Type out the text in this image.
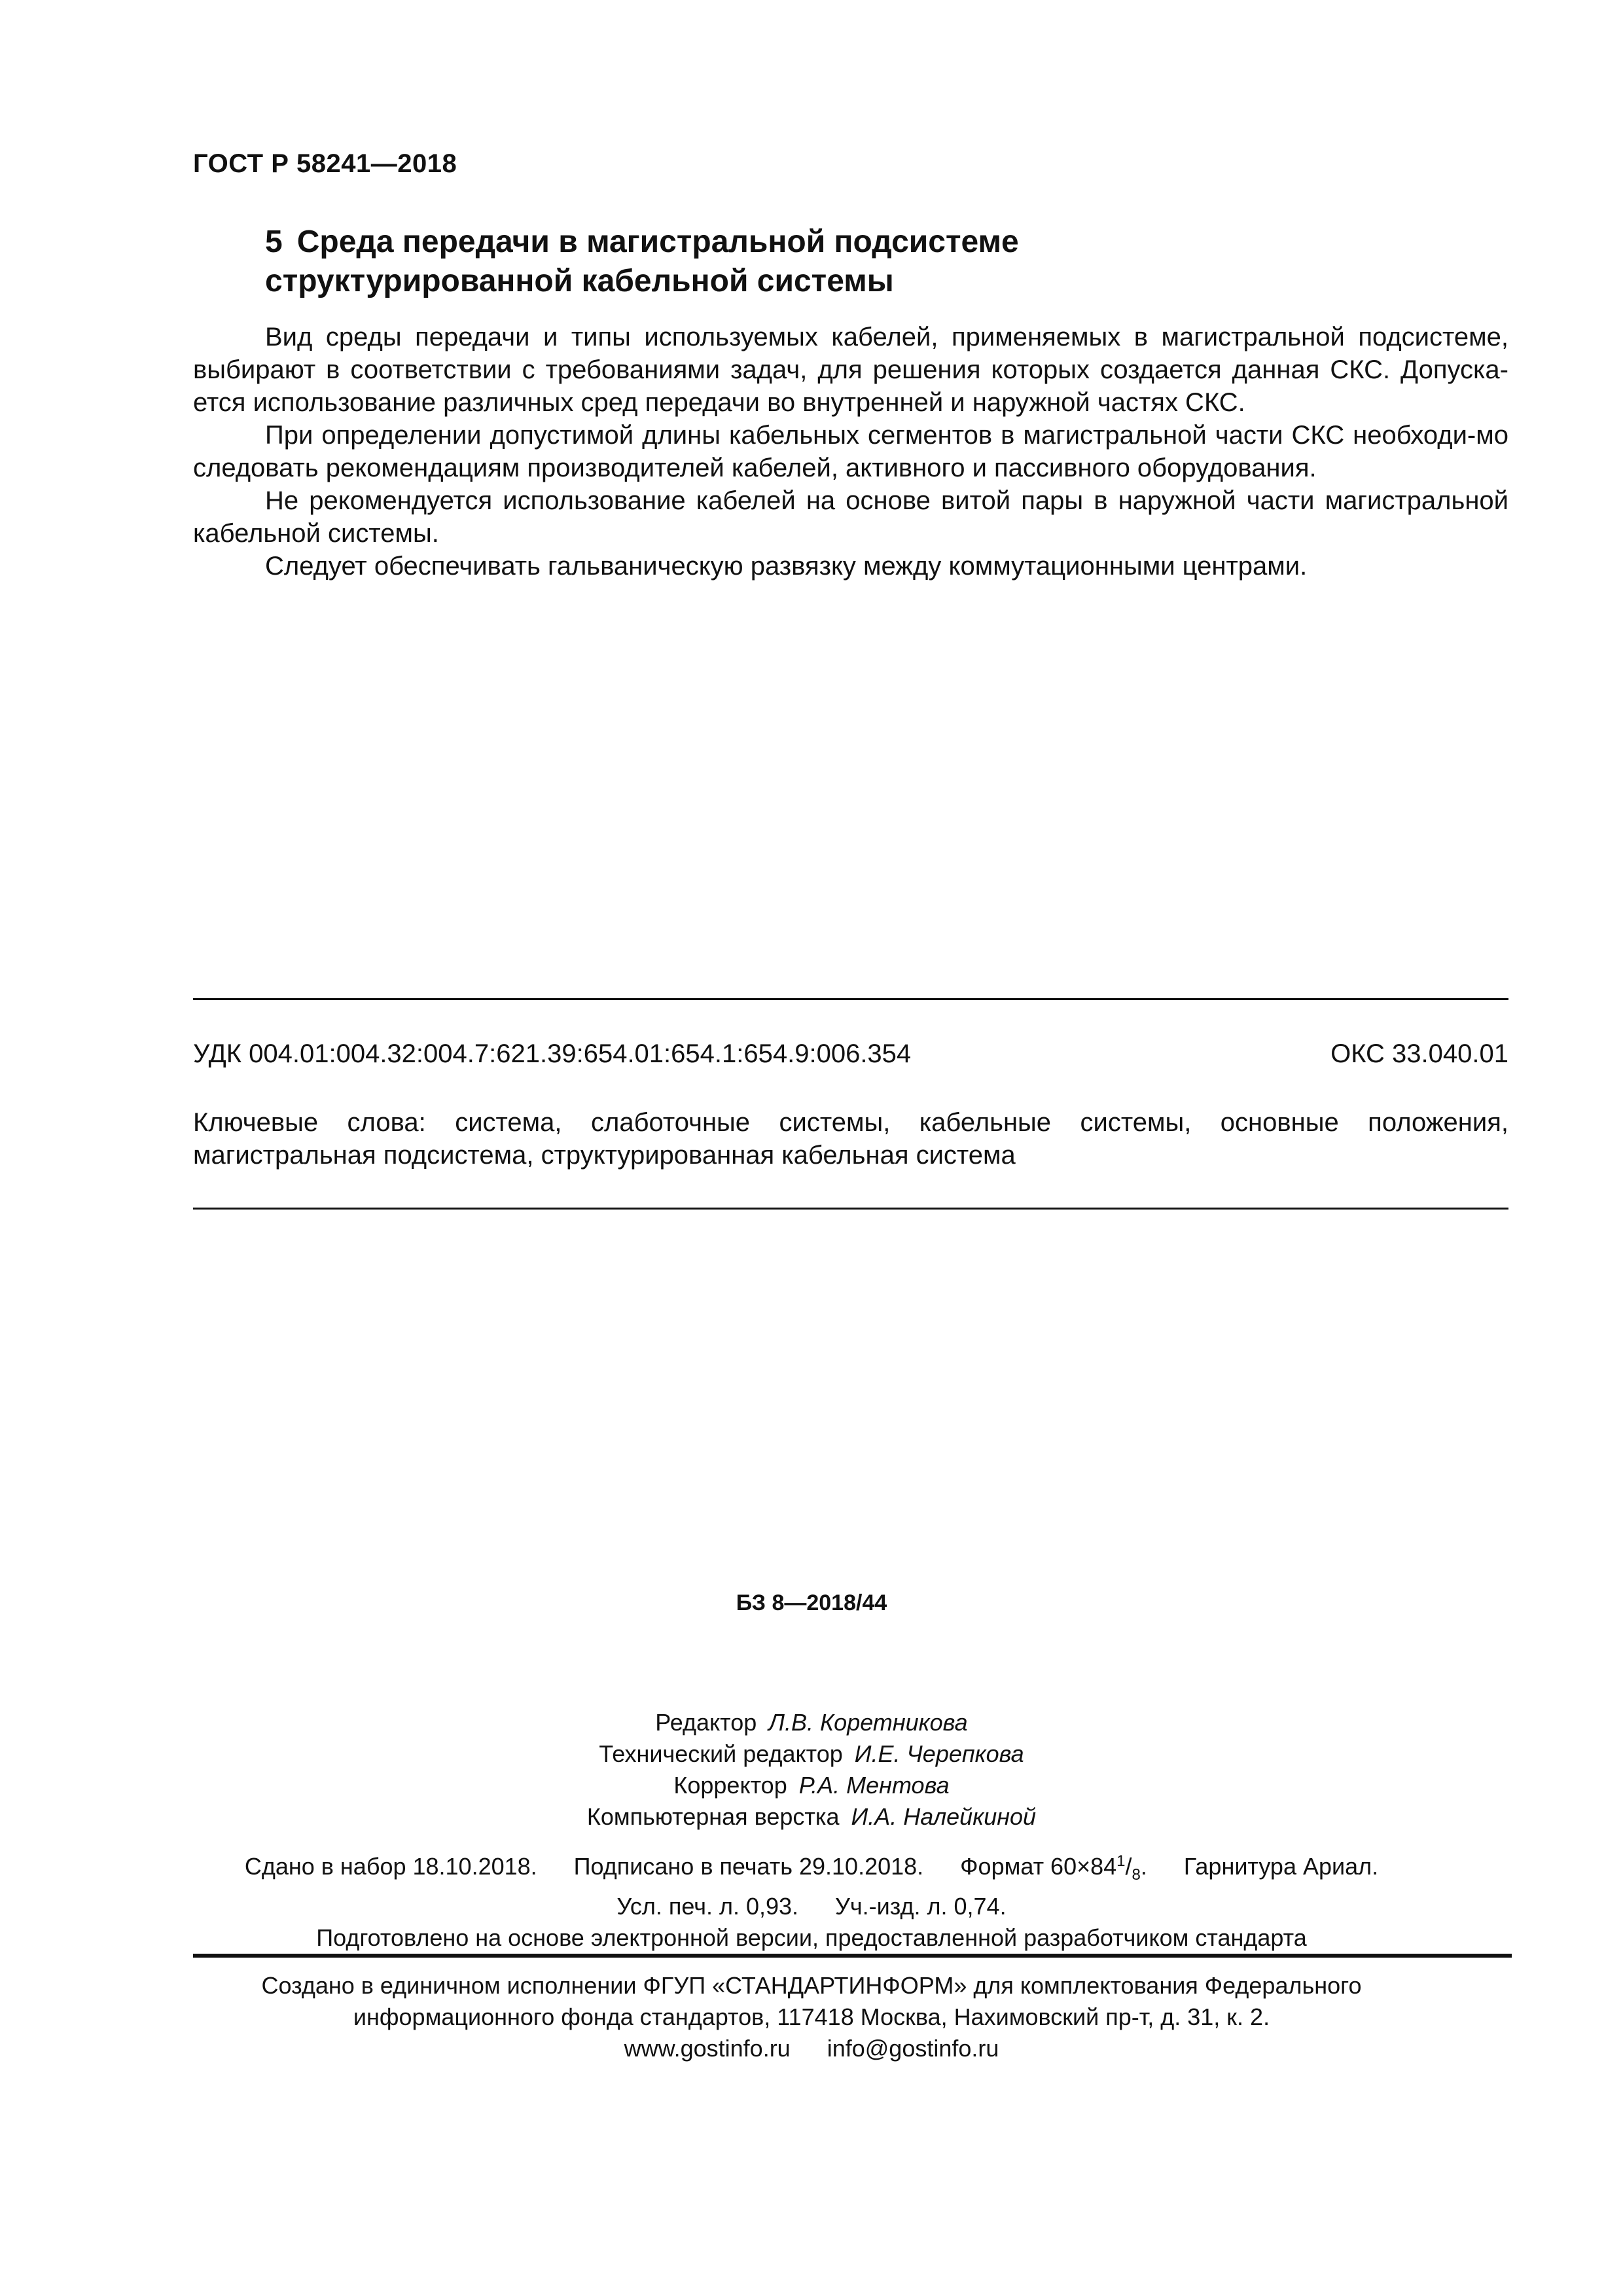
ГОСТ Р 58241—2018
5 Среда передачи в магистральной подсистеме
структурированной кабельной системы

Вид среды передачи и типы используемых кабелей, применяемых в магистральной подсистеме, выбирают в соответствии с требованиями задач, для решения которых создается данная СКС. Допуска-ется использование различных сред передачи во внутренней и наружной частях СКС.

При определении допустимой длины кабельных сегментов в магистральной части СКС необходи-мо следовать рекомендациям производителей кабелей, активного и пассивного оборудования.

Не рекомендуется использование кабелей на основе витой пары в наружной части магистральной кабельной системы.

Следует обеспечивать гальваническую развязку между коммутационными центрами.

УДК 004.01:004.32:004.7:621.39:654.01:654.1:654.9:006.354	ОКС 33.040.01
Ключевые слова: система, слаботочные системы, кабельные системы, основные положения,
магистральная подсистема, структурированная кабельная система
БЗ 8—2018/44
Редактор Л.В. Коретникова
Технический редактор И.Е. Черепкова
Корректор Р.А. Ментова
Компьютерная верстка И.А. Налейкиной
Сдано в набор 18.10.2018. Подписано в печать 29.10.2018. Формат $60\times 84^1/_8$. Гарнитура Ариал.
Усл. печ. л. 0,93. Уч.-изд. л. 0,74.
Подготовлено на основе электронной версии, предоставленной разработчиком стандарта
Создано в единичном исполнении ФГУП «СТАНДАРТИНФОРМ» для комплектования Федерального
информационного фонда стандартов, 117418 Москва, Нахимовский пр-т, д. 31, к. 2.
www.gostinfo.ru info@gostinfo.ru
